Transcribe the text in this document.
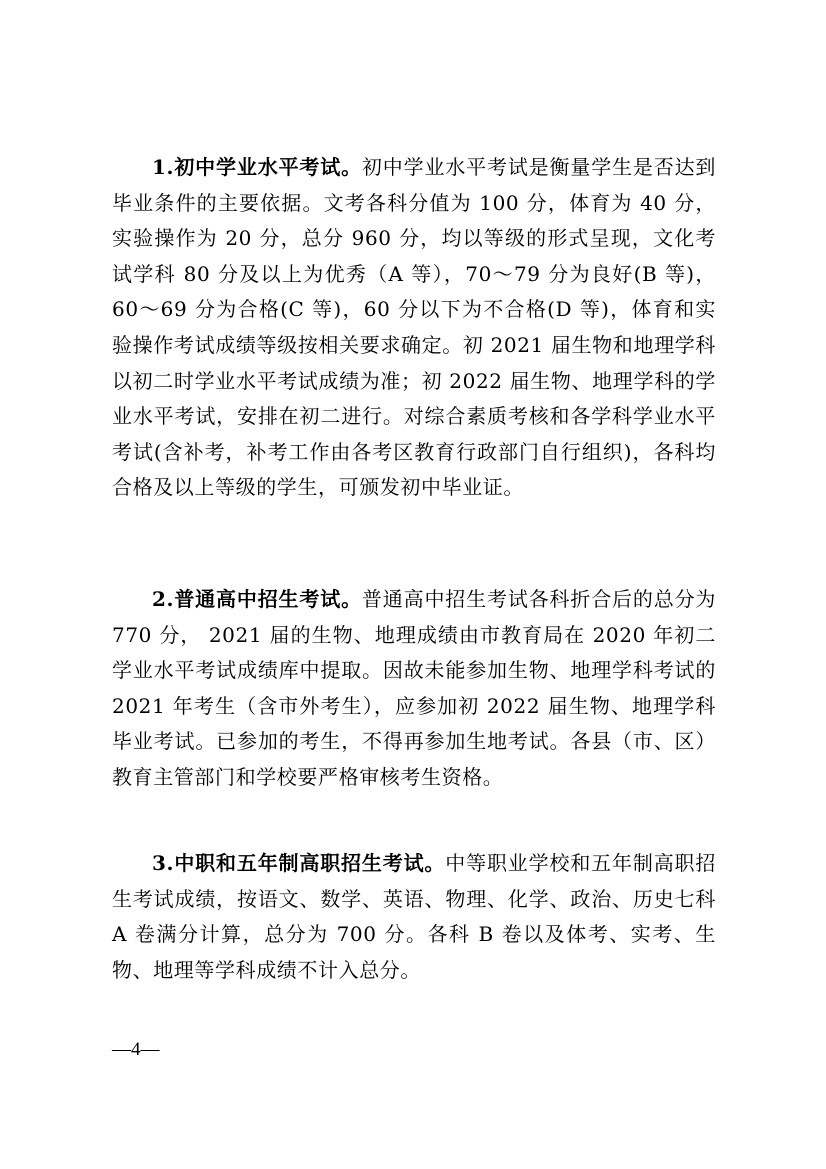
1.初中学业水平考试。初中学业水平考试是衡量学生是否达到毕业条件的主要依据。文考各科分值为 100 分，体育为 40 分，实验操作为 20 分，总分 960 分，均以等级的形式呈现，文化考试学科 80 分及以上为优秀（A 等），70～79 分为良好(B 等)，60～69 分为合格(C 等)，60 分以下为不合格(D 等)，体育和实验操作考试成绩等级按相关要求确定。初 2021 届生物和地理学科以初二时学业水平考试成绩为准；初 2022 届生物、地理学科的学业水平考试，安排在初二进行。对综合素质考核和各学科学业水平考试(含补考，补考工作由各考区教育行政部门自行组织)，各科均合格及以上等级的学生，可颁发初中毕业证。

2.普通高中招生考试。普通高中招生考试各科折合后的总分为 770 分， 2021 届的生物、地理成绩由市教育局在 2020 年初二学业水平考试成绩库中提取。因故未能参加生物、地理学科考试的 2021 年考生（含市外考生），应参加初 2022 届生物、地理学科毕业考试。已参加的考生，不得再参加生地考试。各县（市、区）教育主管部门和学校要严格审核考生资格。

3.中职和五年制高职招生考试。中等职业学校和五年制高职招生考试成绩，按语文、数学、英语、物理、化学、政治、历史七科 A 卷满分计算，总分为 700 分。各科 B 卷以及体考、实考、生物、地理等学科成绩不计入总分。

—4—
